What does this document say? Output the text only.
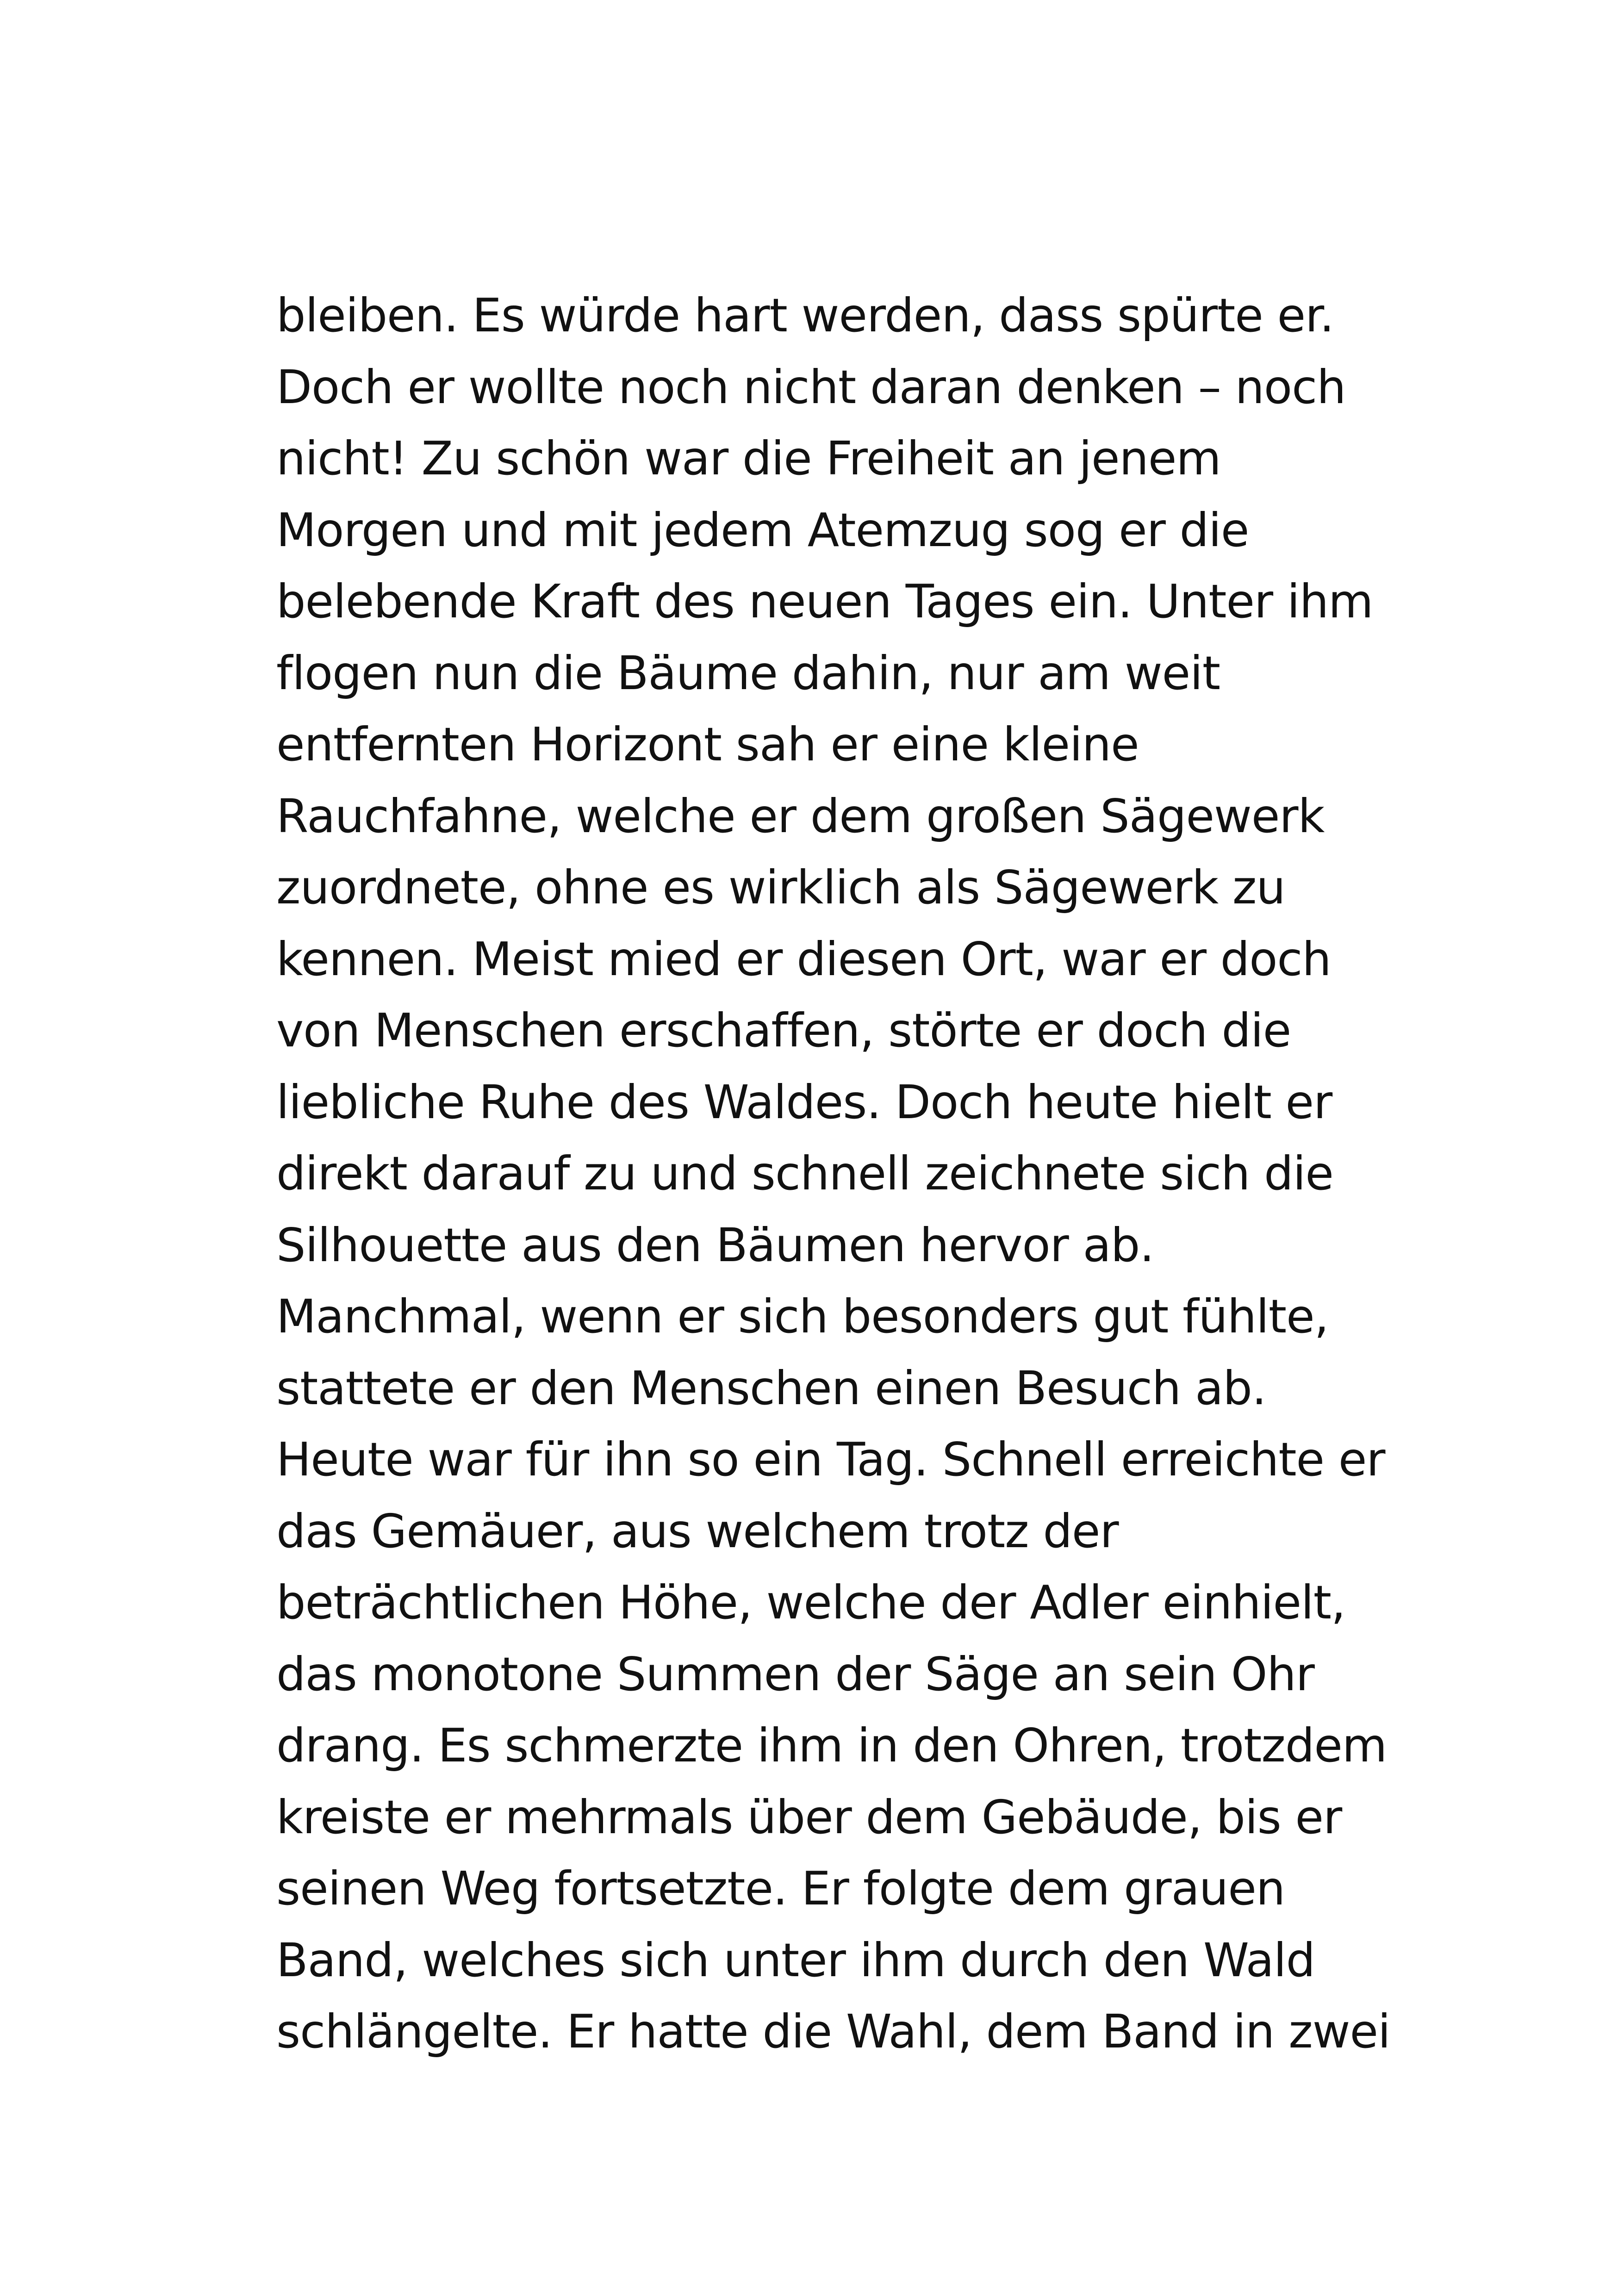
bleiben. Es würde hart werden, dass spürte er.
Doch er wollte noch nicht daran denken – noch
nicht! Zu schön war die Freiheit an jenem
Morgen und mit jedem Atemzug sog er die
belebende Kraft des neuen Tages ein. Unter ihm
flogen nun die Bäume dahin, nur am weit
entfernten Horizont sah er eine kleine
Rauchfahne, welche er dem großen Sägewerk
zuordnete, ohne es wirklich als Sägewerk zu
kennen. Meist mied er diesen Ort, war er doch
von Menschen erschaffen, störte er doch die
liebliche Ruhe des Waldes. Doch heute hielt er
direkt darauf zu und schnell zeichnete sich die
Silhouette aus den Bäumen hervor ab.
Manchmal, wenn er sich besonders gut fühlte,
stattete er den Menschen einen Besuch ab.
Heute war für ihn so ein Tag. Schnell erreichte er
das Gemäuer, aus welchem trotz der
beträchtlichen Höhe, welche der Adler einhielt,
das monotone Summen der Säge an sein Ohr
drang. Es schmerzte ihm in den Ohren, trotzdem
kreiste er mehrmals über dem Gebäude, bis er
seinen Weg fortsetzte. Er folgte dem grauen
Band, welches sich unter ihm durch den Wald
schlängelte. Er hatte die Wahl, dem Band in zwei
